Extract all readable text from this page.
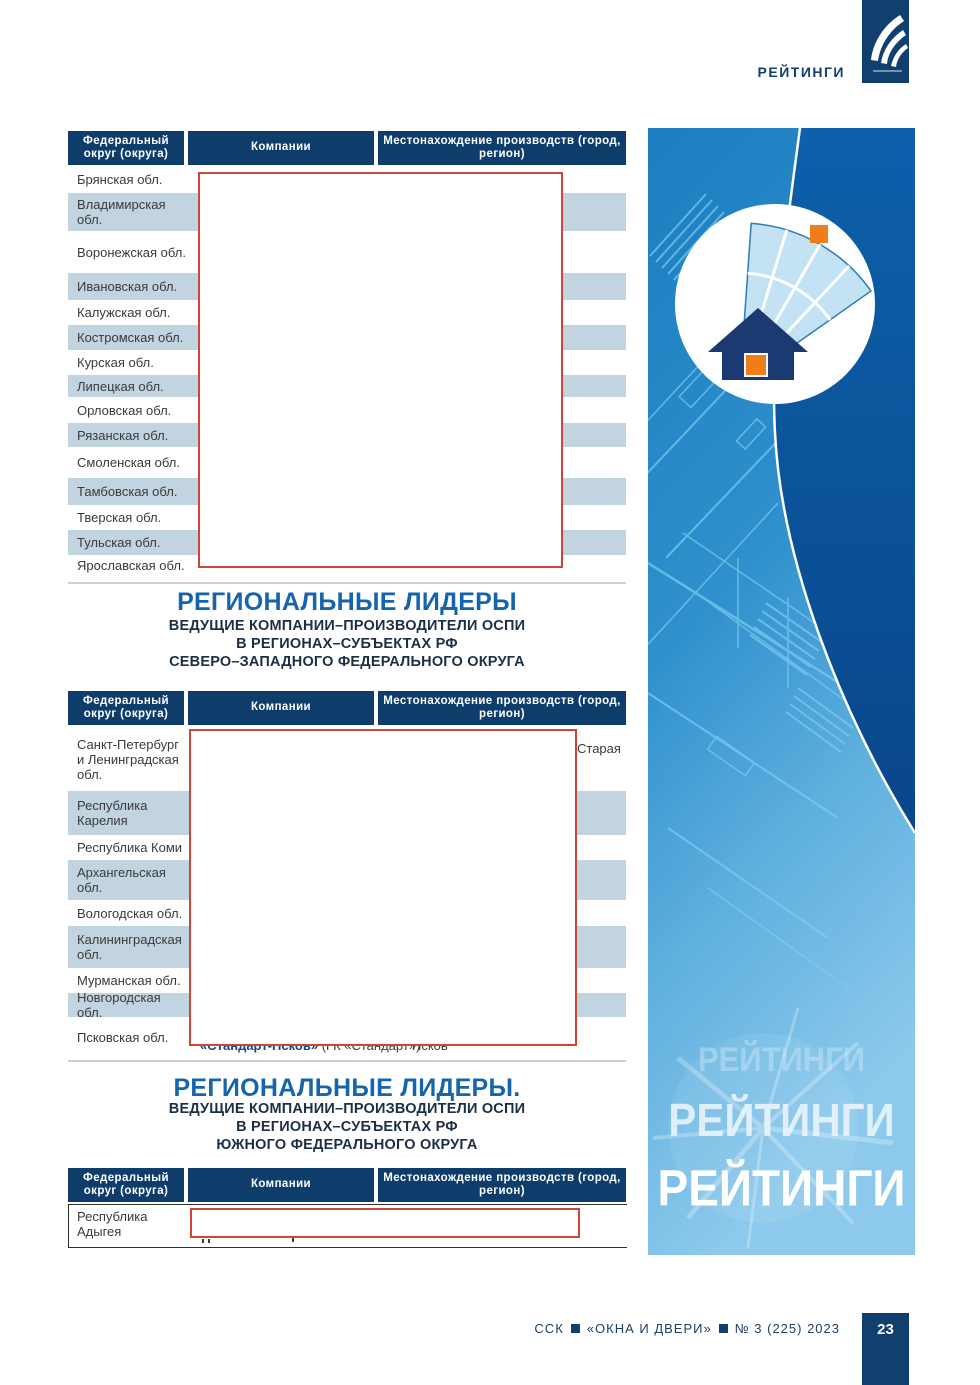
РЕЙТИНГИ
Федеральный округ (округа)
Компании
Местонахождение производств (город, регион)
Брянская обл.
Владимирская обл.
Воронежская обл.
Ивановская обл.
Калужская обл.
Костромская обл.
Курская обл.
Липецкая обл.
Орловская обл.
Рязанская обл.
Смоленская обл.
Тамбовская обл.
Тверская обл.
Тульская обл.
Ярославская обл.
РЕГИОНАЛЬНЫЕ ЛИДЕРЫ
ВЕДУЩИЕ КОМПАНИИ–ПРОИЗВОДИТЕЛИ ОСПИ
В РЕГИОНАХ–СУБЪЕКТАХ РФ
СЕВЕРО–ЗАПАДНОГО ФЕДЕРАЛЬНОГО ОКРУГА
Федеральный округ (округа)
Компании
Местонахождение производств (город, регион)
Санкт-Петербург и Ленинградская обл.
Республика Карелия
Республика Коми
Архангельская обл.
Вологодская обл.
Калининградская обл.
Мурманская обл.
Новгородская обл.
Псковская обл.
РЕГИОНАЛЬНЫЕ ЛИДЕРЫ.
ВЕДУЩИЕ КОМПАНИИ–ПРОИЗВОДИТЕЛИ ОСПИ
В РЕГИОНАХ–СУБЪЕКТАХ РФ
ЮЖНОГО ФЕДЕРАЛЬНОГО ОКРУГА
Федеральный округ (округа)
Компании
Местонахождение производств (город, регион)
Республика Адыгея
Старая
РЕЙТИНГИ
РЕЙТИНГИ
РЕЙТИНГИ
ССК «ОКНА И ДВЕРИ» № 3 (225) 2023	23
